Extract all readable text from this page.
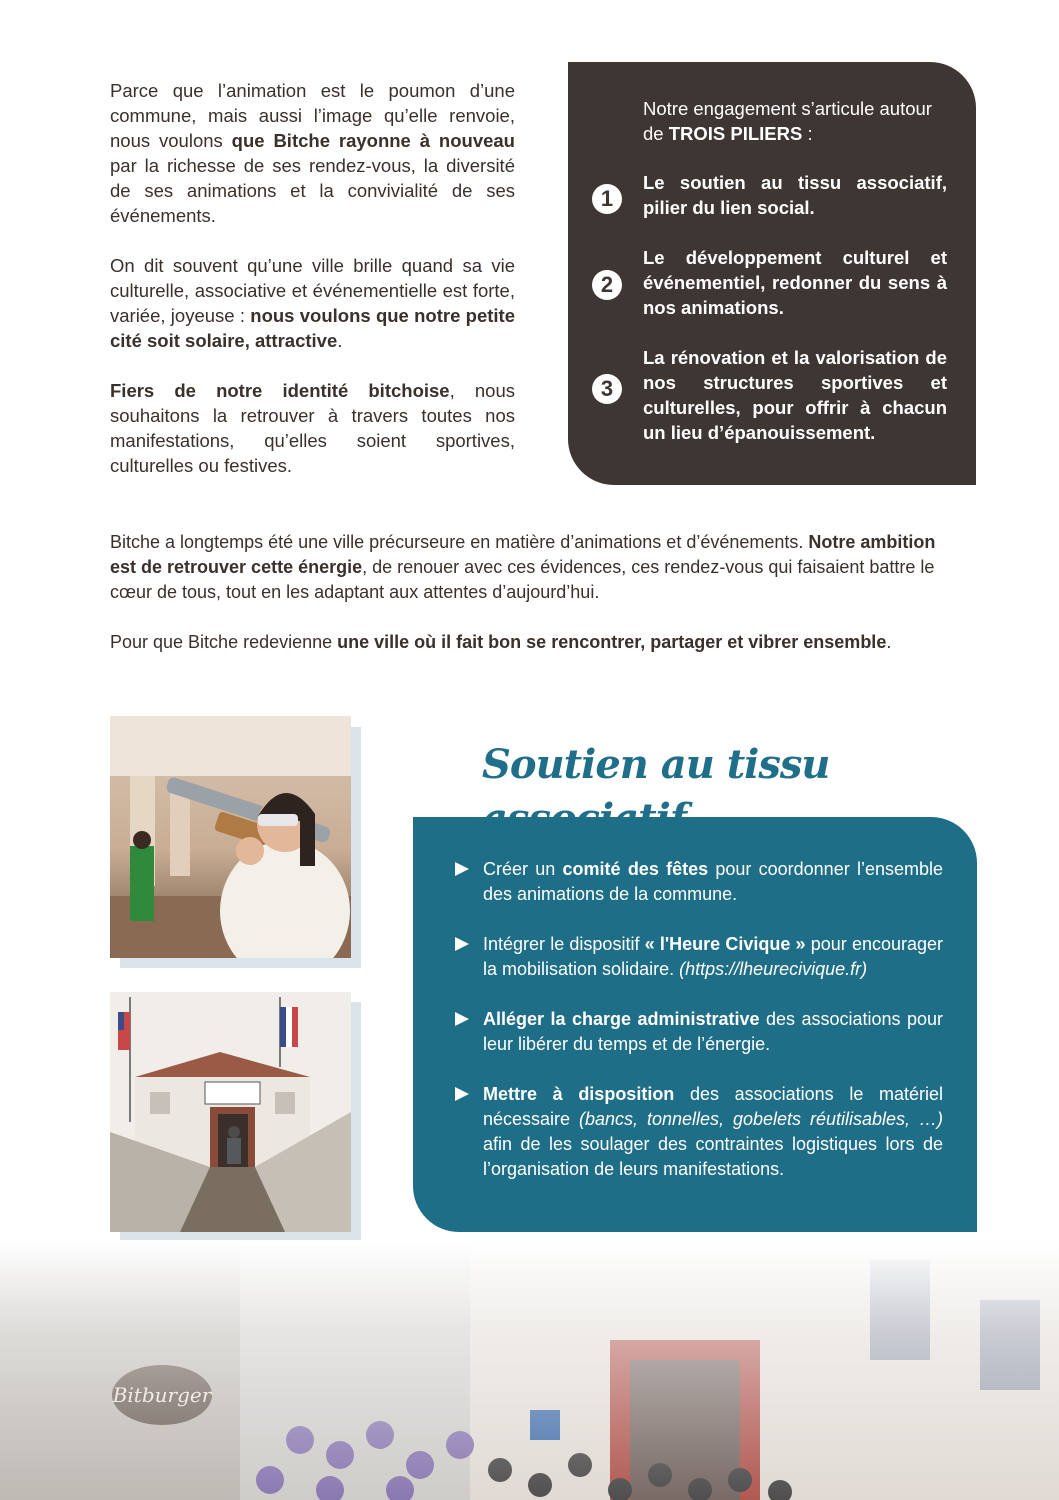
Parce que l’animation est le poumon d’une commune, mais aussi l’image qu’elle renvoie, nous voulons que Bitche rayonne à nouveau par la richesse de ses rendez-vous, la diversité de ses animations et la convivialité de ses événements.

On dit souvent qu’une ville brille quand sa vie culturelle, associative et événementielle est forte, variée, joyeuse : nous voulons que notre petite cité soit solaire, attractive.

Fiers de notre identité bitchoise, nous souhaitons la retrouver à travers toutes nos manifestations, qu’elles soient sportives, culturelles ou festives.

Notre engagement s’articule autour de TROIS PILIERS :
1
Le soutien au tissu associatif, pilier du lien social.
2
Le développement culturel et événementiel, redonner du sens à nos animations.
3
La rénovation et la valorisation de nos structures sportives et culturelles, pour offrir à chacun un lieu d’épanouissement.

Bitche a longtemps été une ville précurseure en matière d’animations et d’événements. Notre ambition est de retrouver cette énergie, de renouer avec ces évidences, ces rendez-vous qui faisaient battre le cœur de tous, tout en les adaptant aux attentes d’aujourd’hui.

Pour que Bitche redevienne une ville où il fait bon se rencontrer, partager et vibrer ensemble.

Soutien au tissu
Créer un comité des fêtes pour coordonner l’ensemble des animations de la commune.
Intégrer le dispositif « l'Heure Civique » pour encourager la mobilisation solidaire. (https://lheurecivique.fr)
Alléger la charge administrative des associations pour leur libérer du temps et de l’énergie.
Mettre à disposition des associations le matériel nécessaire (bancs, tonnelles, gobelets réutilisables, …) afin de les soulager des contraintes logistiques lors de l’organisation de leurs manifestations.
